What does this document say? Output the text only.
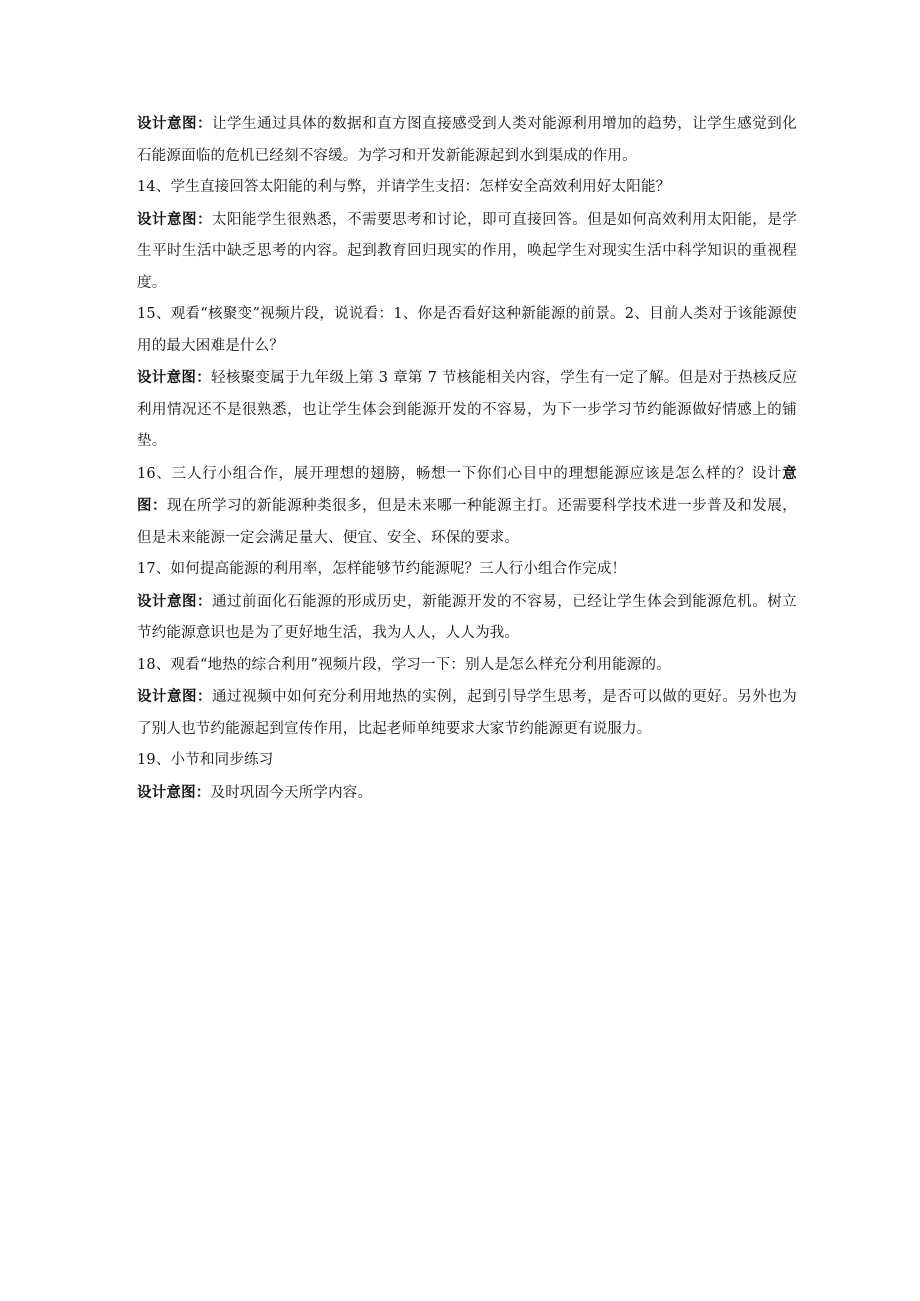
设计意图：让学生通过具体的数据和直方图直接感受到人类对能源利用增加的趋势，让学生感觉到化石能源面临的危机已经刻不容缓。为学习和开发新能源起到水到渠成的作用。

14、学生直接回答太阳能的利与弊，并请学生支招：怎样安全高效利用好太阳能？

设计意图：太阳能学生很熟悉，不需要思考和讨论，即可直接回答。但是如何高效利用太阳能，是学生平时生活中缺乏思考的内容。起到教育回归现实的作用，唤起学生对现实生活中科学知识的重视程度。

15、观看“核聚变”视频片段，说说看：1、你是否看好这种新能源的前景。2、目前人类对于该能源使用的最大困难是什么？

设计意图：轻核聚变属于九年级上第 3 章第 7 节核能相关内容，学生有一定了解。但是对于热核反应利用情况还不是很熟悉，也让学生体会到能源开发的不容易，为下一步学习节约能源做好情感上的铺垫。

16、三人行小组合作，展开理想的翅膀，畅想一下你们心目中的理想能源应该是怎么样的？设计意图：现在所学习的新能源种类很多，但是未来哪一种能源主打。还需要科学技术进一步普及和发展，但是未来能源一定会满足量大、便宜、安全、环保的要求。

17、如何提高能源的利用率，怎样能够节约能源呢？三人行小组合作完成！

设计意图：通过前面化石能源的形成历史，新能源开发的不容易，已经让学生体会到能源危机。树立节约能源意识也是为了更好地生活，我为人人，人人为我。

18、观看“地热的综合利用”视频片段，学习一下：别人是怎么样充分利用能源的。

设计意图：通过视频中如何充分利用地热的实例，起到引导学生思考，是否可以做的更好。另外也为了别人也节约能源起到宣传作用，比起老师单纯要求大家节约能源更有说服力。

19、小节和同步练习

设计意图：及时巩固今天所学内容。
